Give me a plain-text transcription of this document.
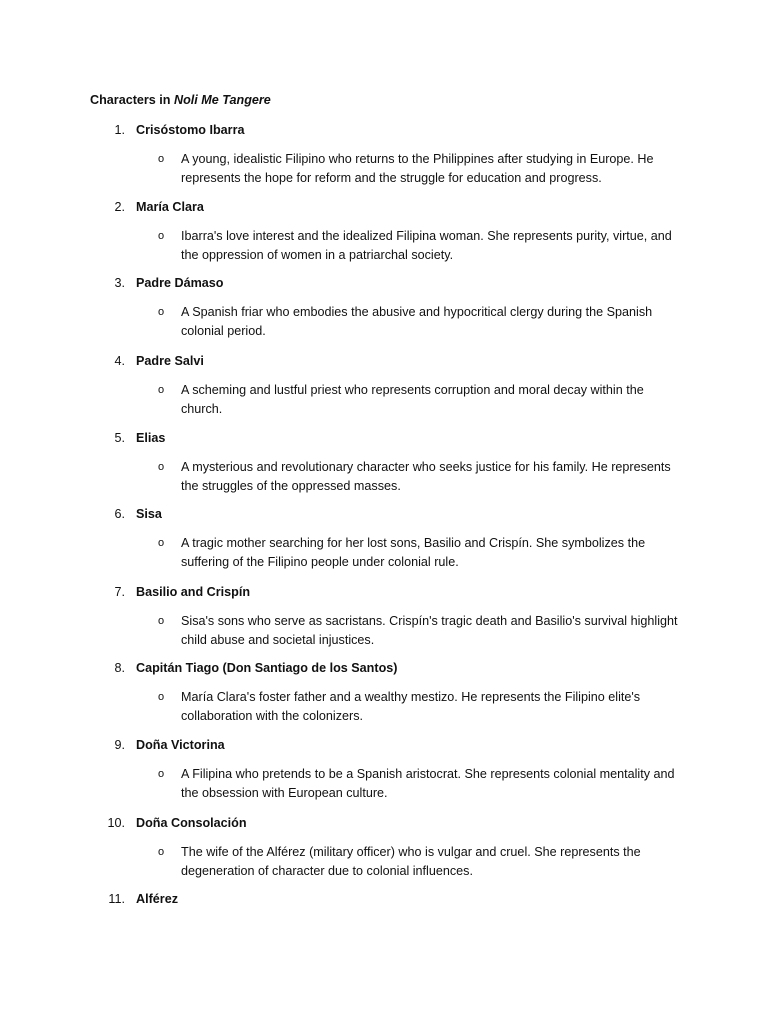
Characters in Noli Me Tangere
1. Crisóstomo Ibarra
o A young, idealistic Filipino who returns to the Philippines after studying in Europe. He represents the hope for reform and the struggle for education and progress.
2. María Clara
o Ibarra's love interest and the idealized Filipina woman. She represents purity, virtue, and the oppression of women in a patriarchal society.
3. Padre Dámaso
o A Spanish friar who embodies the abusive and hypocritical clergy during the Spanish colonial period.
4. Padre Salvi
o A scheming and lustful priest who represents corruption and moral decay within the church.
5. Elias
o A mysterious and revolutionary character who seeks justice for his family. He represents the struggles of the oppressed masses.
6. Sisa
o A tragic mother searching for her lost sons, Basilio and Crispín. She symbolizes the suffering of the Filipino people under colonial rule.
7. Basilio and Crispín
o Sisa's sons who serve as sacristans. Crispín's tragic death and Basilio's survival highlight child abuse and societal injustices.
8. Capitán Tiago (Don Santiago de los Santos)
o María Clara's foster father and a wealthy mestizo. He represents the Filipino elite's collaboration with the colonizers.
9. Doña Victorina
o A Filipina who pretends to be a Spanish aristocrat. She represents colonial mentality and the obsession with European culture.
10. Doña Consolación
o The wife of the Alférez (military officer) who is vulgar and cruel. She represents the degeneration of character due to colonial influences.
11. Alférez
